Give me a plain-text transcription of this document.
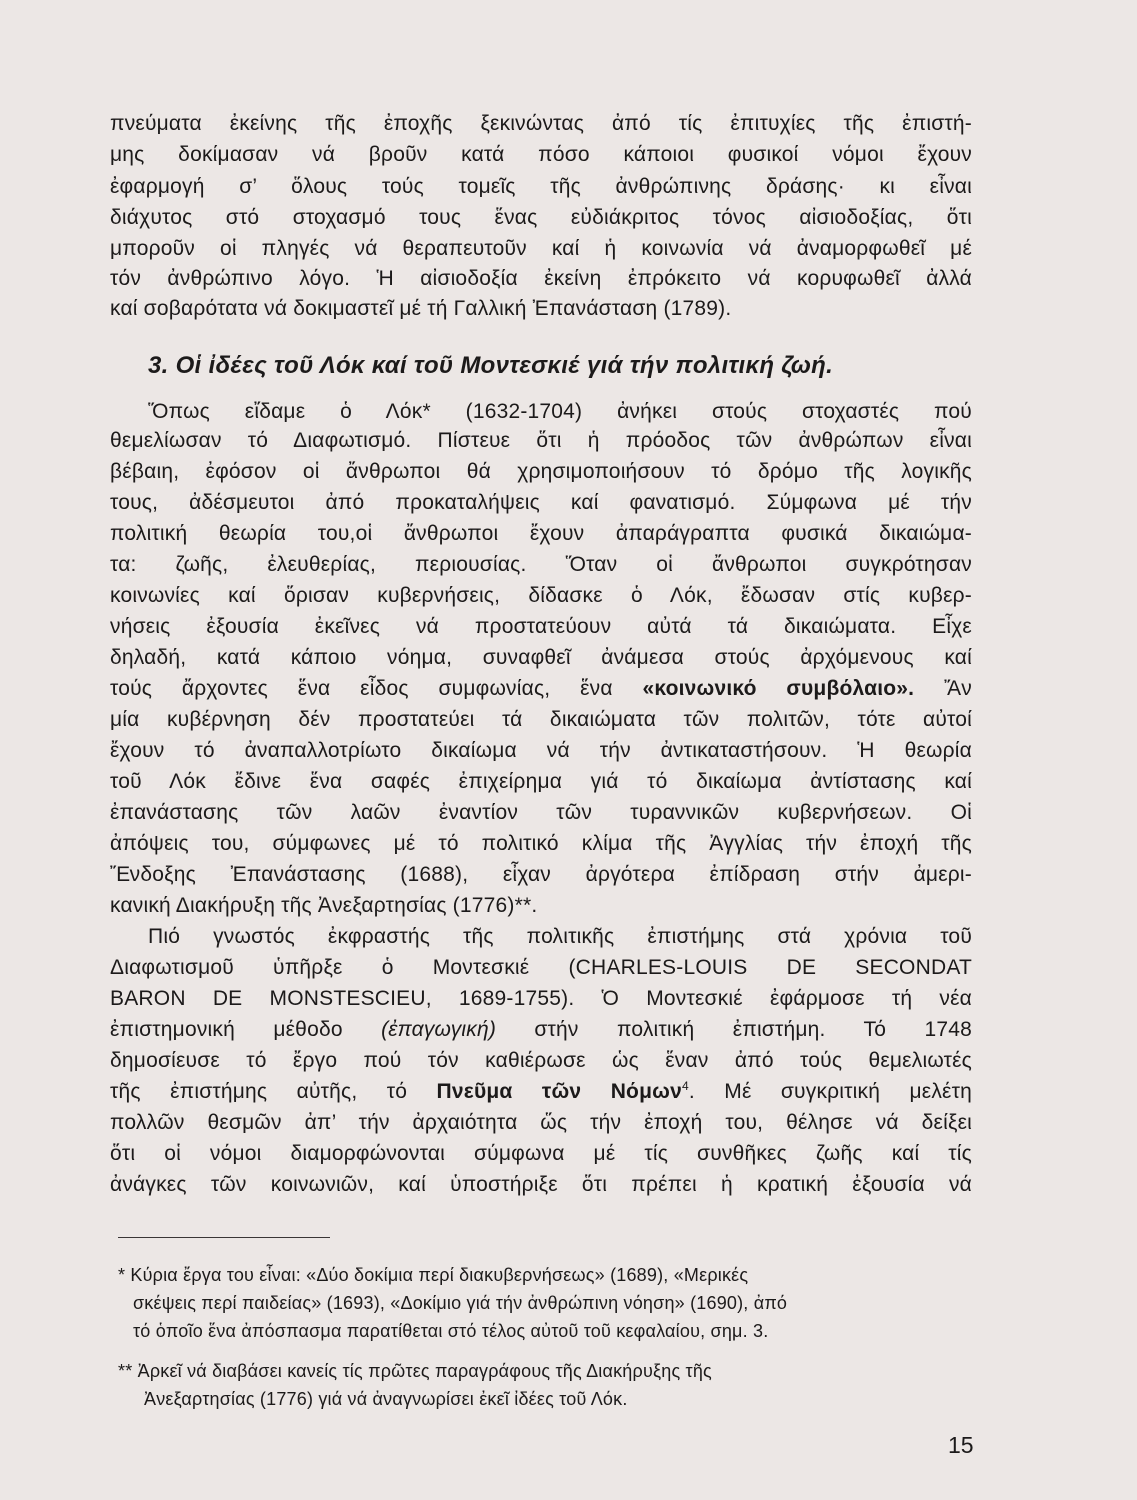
πνεύματα ἐκείνης τῆς ἐποχῆς ξεκινώντας ἀπό τίς ἐπιτυχίες τῆς ἐπιστή-
μης δοκίμασαν νά βροῦν κατά πόσο κάποιοι φυσικοί νόμοι ἔχουν
ἐφαρμογή σ’ ὅλους τούς τομεῖς τῆς ἀνθρώπινης δράσης· κι εἶναι
διάχυτος στό στοχασμό τους ἕνας εὐδιάκριτος τόνος αἰσιοδοξίας, ὅτι
μποροῦν οἱ πληγές νά θεραπευτοῦν καί ἡ κοινωνία νά ἀναμορφωθεῖ μέ
τόν ἀνθρώπινο λόγο. Ἡ αἰσιοδοξία ἐκείνη ἐπρόκειτο νά κορυφωθεῖ ἀλλά
καί σοβαρότατα νά δοκιμαστεῖ μέ τή Γαλλική Ἐπανάσταση (1789).
3. Οἱ ἰδέες τοῦ Λόκ καί τοῦ Μοντεσκιέ γιά τήν πολιτική ζωή.
Ὅπως εἴδαμε ὁ Λόκ* (1632-1704) ἀνήκει στούς στοχαστές πού
θεμελίωσαν τό Διαφωτισμό. Πίστευε ὅτι ἡ πρόοδος τῶν ἀνθρώπων εἶναι
βέβαιη, ἐφόσον οἱ ἄνθρωποι θά χρησιμοποιήσουν τό δρόμο τῆς λογικῆς
τους, ἀδέσμευτοι ἀπό προκαταλήψεις καί φανατισμό. Σύμφωνα μέ τήν
πολιτική θεωρία του,οἱ ἄνθρωποι ἔχουν ἀπαράγραπτα φυσικά δικαιώμα-
τα: ζωῆς, ἐλευθερίας, περιουσίας. Ὅταν οἱ ἄνθρωποι συγκρότησαν
κοινωνίες καί ὅρισαν κυβερνήσεις, δίδασκε ὁ Λόκ, ἔδωσαν στίς κυβερ-
νήσεις ἐξουσία ἐκεῖνες νά προστατεύουν αὐτά τά δικαιώματα. Εἶχε
δηλαδή, κατά κάποιο νόημα, συναφθεῖ ἀνάμεσα στούς ἀρχόμενους καί
τούς ἄρχοντες ἕνα εἶδος συμφωνίας, ἕνα «κοινωνικό συμβόλαιο». Ἄν
μία κυβέρνηση δέν προστατεύει τά δικαιώματα τῶν πολιτῶν, τότε αὐτοί
ἔχουν τό ἀναπαλλοτρίωτο δικαίωμα νά τήν ἀντικαταστήσουν. Ἡ θεωρία
τοῦ Λόκ ἔδινε ἕνα σαφές ἐπιχείρημα γιά τό δικαίωμα ἀντίστασης καί
ἐπανάστασης τῶν λαῶν ἐναντίον τῶν τυραννικῶν κυβερνήσεων. Οἱ
ἀπόψεις του, σύμφωνες μέ τό πολιτικό κλίμα τῆς Ἀγγλίας τήν ἐποχή τῆς
Ἔνδοξης Ἐπανάστασης (1688), εἶχαν ἀργότερα ἐπίδραση στήν ἀμερι-
κανική Διακήρυξη τῆς Ἀνεξαρτησίας (1776)**.
Πιό γνωστός ἐκφραστής τῆς πολιτικῆς ἐπιστήμης στά χρόνια τοῦ
Διαφωτισμοῦ ὑπῆρξε ὁ Μοντεσκιέ (CHARLES-LOUIS DE SECONDAT
BARON DE MONSTESCIEU, 1689-1755). Ὁ Μοντεσκιέ ἐφάρμοσε τή νέα
ἐπιστημονική μέθοδο (ἐπαγωγική) στήν πολιτική ἐπιστήμη. Τό 1748
δημοσίευσε τό ἔργο πού τόν καθιέρωσε ὡς ἕναν ἀπό τούς θεμελιωτές
τῆς ἐπιστήμης αὐτῆς, τό Πνεῦμα τῶν Νόμων$^4$. Μέ συγκριτική μελέτη
πολλῶν θεσμῶν ἀπ’ τήν ἀρχαιότητα ὥς τήν ἐποχή του, θέλησε νά δείξει
ὅτι οἱ νόμοι διαμορφώνονται σύμφωνα μέ τίς συνθῆκες ζωῆς καί τίς
ἀνάγκες τῶν κοινωνιῶν, καί ὑποστήριξε ὅτι πρέπει ἡ κρατική ἐξουσία νά
* Κύρια ἔργα του εἶναι: «Δύο δοκίμια περί διακυβερνήσεως» (1689), «Μερικές
σκέψεις περί παιδείας» (1693), «Δοκίμιο γιά τήν ἀνθρώπινη νόηση» (1690), ἀπό
τό ὁποῖο ἕνα ἀπόσπασμα παρατίθεται στό τέλος αὐτοῦ τοῦ κεφαλαίου, σημ. 3.
** Ἀρκεῖ νά διαβάσει κανείς τίς πρῶτες παραγράφους τῆς Διακήρυξης τῆς
Ἀνεξαρτησίας (1776) γιά νά ἀναγνωρίσει ἐκεῖ ἰδέες τοῦ Λόκ.
15
